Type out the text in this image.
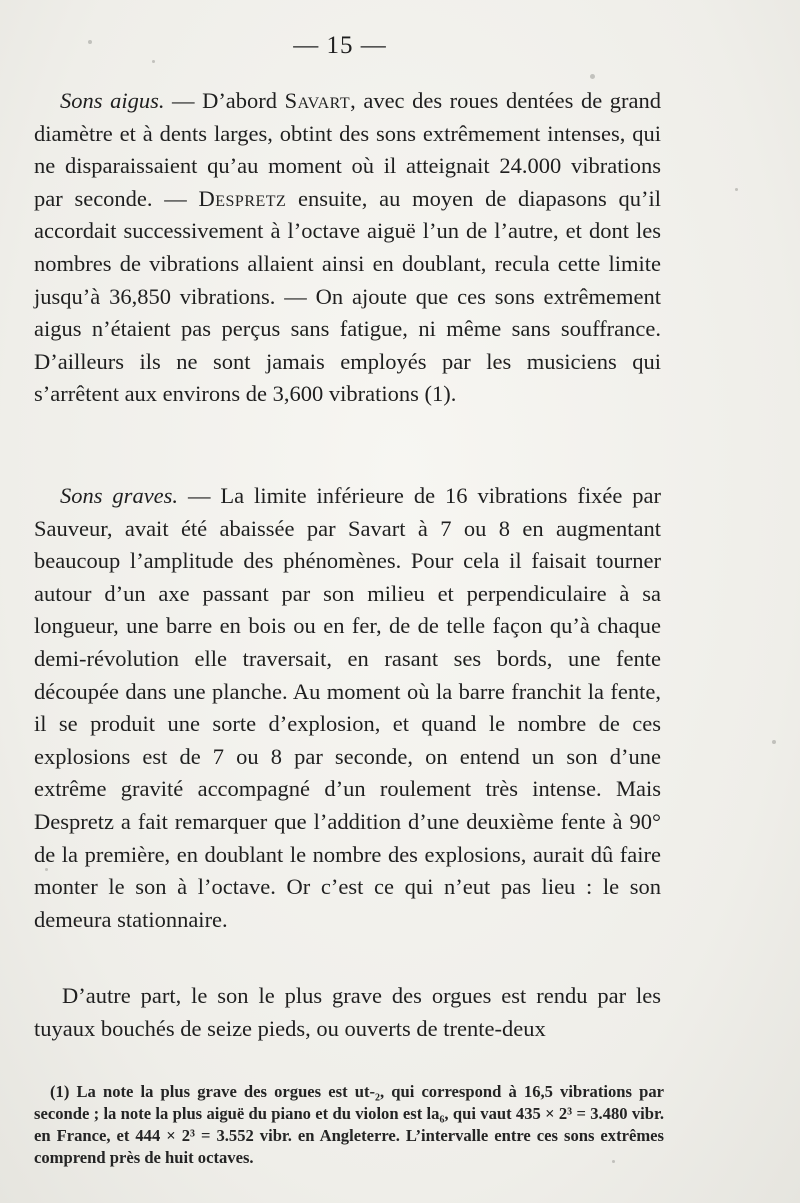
— 15 —
Sons aigus. — D’abord Savart, avec des roues dentées de grand diamètre et à dents larges, obtint des sons extrêmement intenses, qui ne disparaissaient qu’au moment où il atteignait 24.000 vibrations par seconde. — Despretz ensuite, au moyen de diapasons qu’il accordait successivement à l’octave aiguë l’un de l’autre, et dont les nombres de vibrations allaient ainsi en doublant, recula cette limite jusqu’à 36,850 vibrations. — On ajoute que ces sons extrêmement aigus n’étaient pas perçus sans fatigue, ni même sans souffrance. D’ailleurs ils ne sont jamais employés par les musiciens qui s’arrêtent aux environs de 3,600 vibrations (1).
Sons graves. — La limite inférieure de 16 vibrations fixée par Sauveur, avait été abaissée par Savart à 7 ou 8 en augmentant beaucoup l’amplitude des phénomènes. Pour cela il faisait tourner autour d’un axe passant par son milieu et perpendiculaire à sa longueur, une barre en bois ou en fer, de de telle façon qu’à chaque demi-révolution elle traversait, en rasant ses bords, une fente découpée dans une planche. Au moment où la barre franchit la fente, il se produit une sorte d’explosion, et quand le nombre de ces explosions est de 7 ou 8 par seconde, on entend un son d’une extrême gravité accompagné d’un roulement très intense. Mais Despretz a fait remarquer que l’addition d’une deuxième fente à 90° de la première, en doublant le nombre des explosions, aurait dû faire monter le son à l’octave. Or c’est ce qui n’eut pas lieu : le son demeura stationnaire.
D’autre part, le son le plus grave des orgues est rendu par les tuyaux bouchés de seize pieds, ou ouverts de trente-deux
(1) La note la plus grave des orgues est ut-₂, qui correspond à 16,5 vibrations par seconde ; la note la plus aiguë du piano et du violon est la₆, qui vaut 435 × 2³ = 3.480 vibr. en France, et 444 × 2³ = 3.552 vibr. en Angleterre. L’intervalle entre ces sons extrêmes comprend près de huit octaves.
